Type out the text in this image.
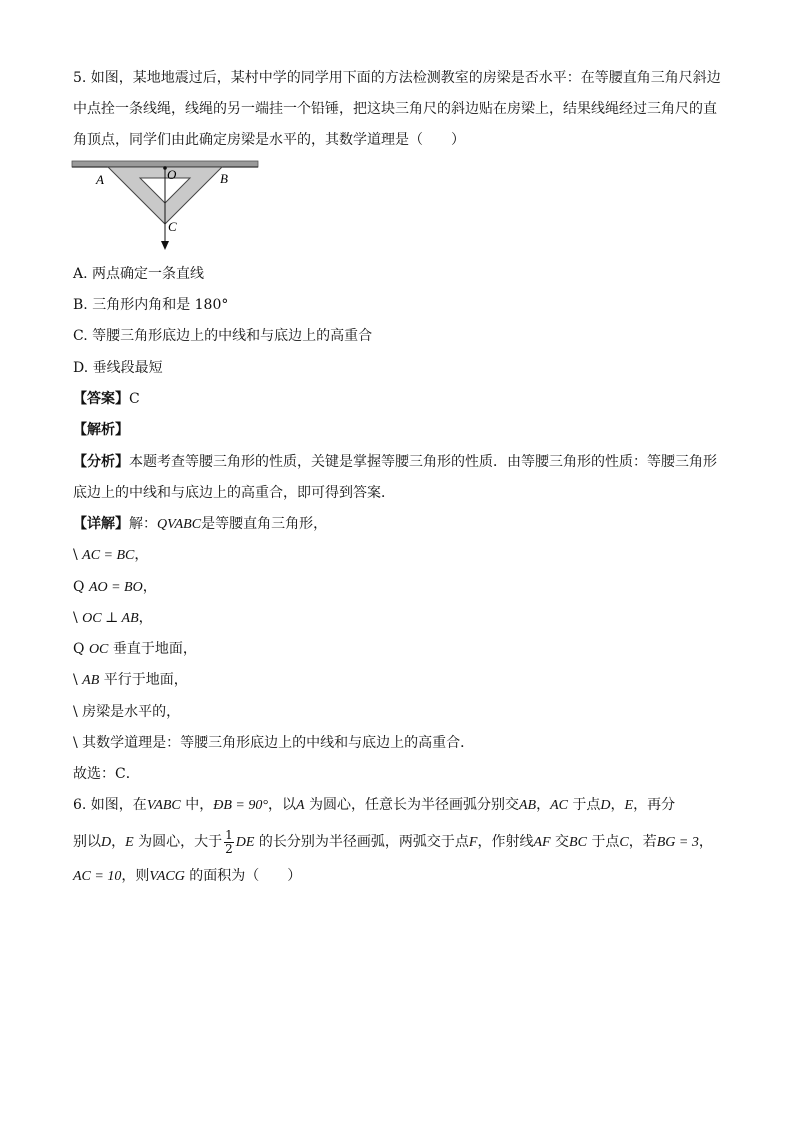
5. 如图，某地地震过后，某村中学的同学用下面的方法检测教室的房梁是否水平：在等腰直角三角尺斜边
中点拴一条线绳，线绳的另一端挂一个铅锤，把这块三角尺的斜边贴在房梁上，结果线绳经过三角尺的直
角顶点，同学们由此确定房梁是水平的，其数学道理是（　　）
A	O	B
C
A. 两点确定一条直线
B. 三角形内角和是 180°
C. 等腰三角形底边上的中线和与底边上的高重合
D. 垂线段最短
【答案】C
【解析】
【分析】本题考查等腰三角形的性质，关键是掌握等腰三角形的性质．由等腰三角形的性质：等腰三角形
底边上的中线和与底边上的高重合，即可得到答案．
【详解】解：QVABC是等腰直角三角形，
\ AC = BC，
Q AO = BO，
\ OC ⊥ AB，
Q OC 垂直于地面，
\ AB 平行于地面，
\ 房梁是水平的，
\ 其数学道理是：等腰三角形底边上的中线和与底边上的高重合．
故选：C．
6. 如图，在VABC 中，ÐB = 90°，以A 为圆心，任意长为半径画弧分别交AB，AC 于点D，E，再分
别以D，E 为圆心，大于 $\frac{1}{2}$ DE 的长分别为半径画弧，两弧交于点F，作射线AF 交BC 于点C，若BG = 3，
AC = 10，则VACG 的面积为（　　）
